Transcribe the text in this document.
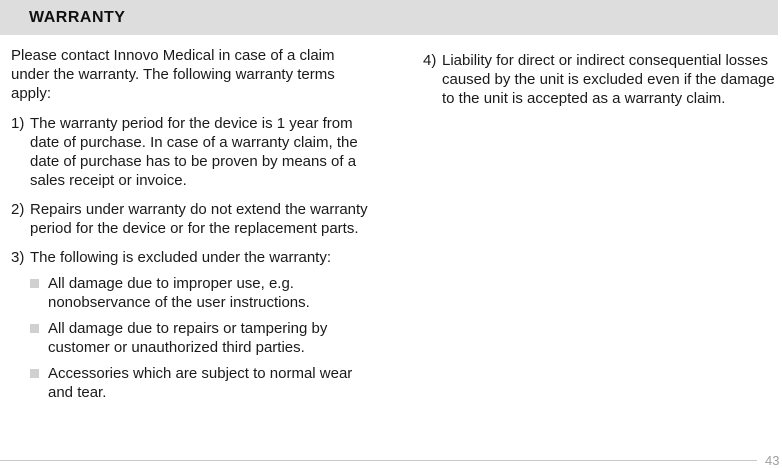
WARRANTY

Please contact Innovo Medical in case of a claim under the warranty. The following warranty terms apply:

1) The warranty period for the device is 1 year from date of purchase. In case of a warranty claim, the date of purchase has to be proven by means of a sales receipt or invoice.
2) Repairs under warranty do not extend the warranty period for the device or for the replacement parts.
3) The following is excluded under the warranty:
All damage due to improper use, e.g. nonobservance of the user instructions.
All damage due to repairs or tampering by customer or unauthorized third parties.
Accessories which are subject to normal wear and tear.
4) Liability for direct or indirect consequential losses caused by the unit is excluded even if the damage to the unit is accepted as a warranty claim.
43
